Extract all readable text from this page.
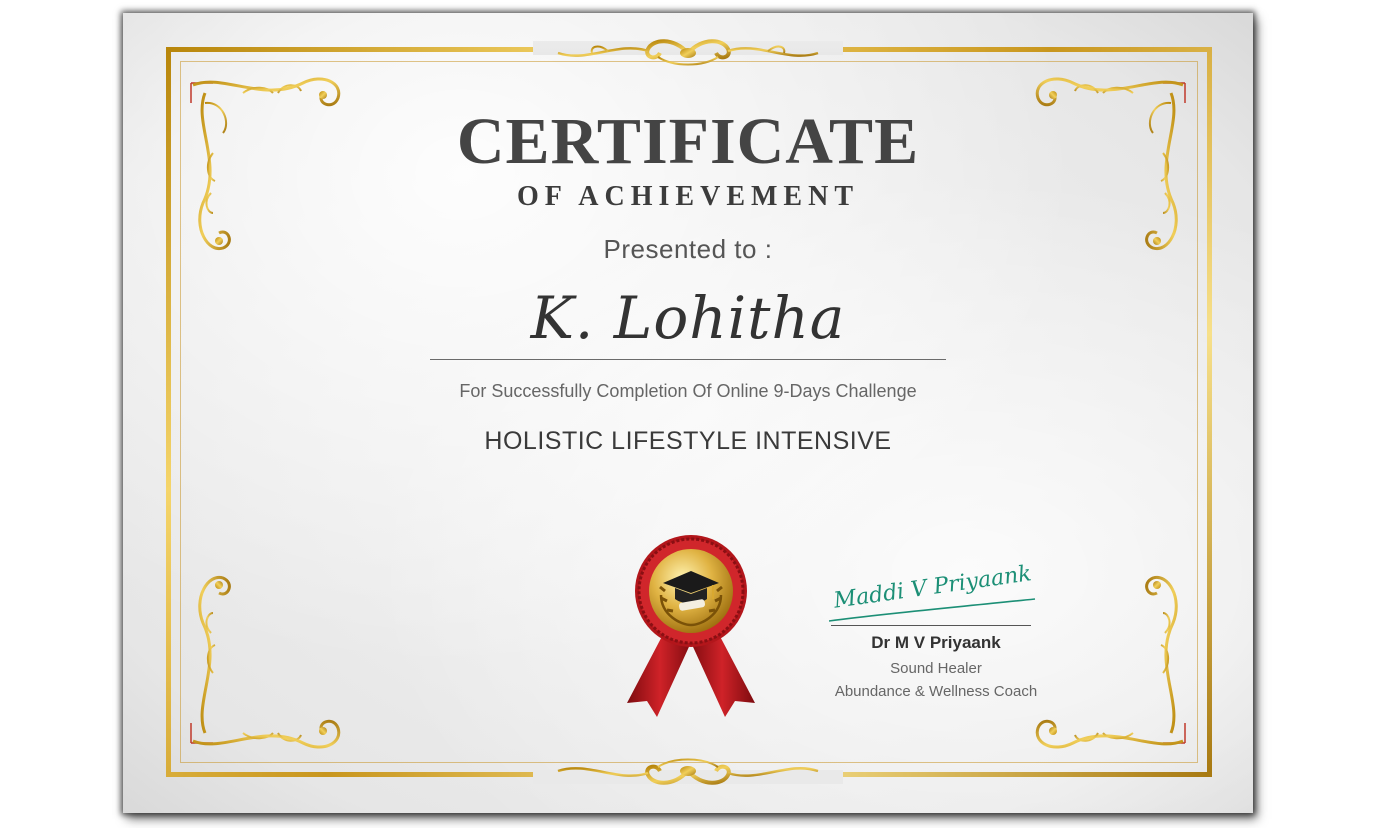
CERTIFICATE
OF ACHIEVEMENT
Presented to :
K. Lohitha
For Successfully Completion Of Online 9-Days Challenge
HOLISTIC LIFESTYLE INTENSIVE
Maddi V Priyaank
Dr M V Priyaank
Sound Healer
Abundance & Wellness Coach
